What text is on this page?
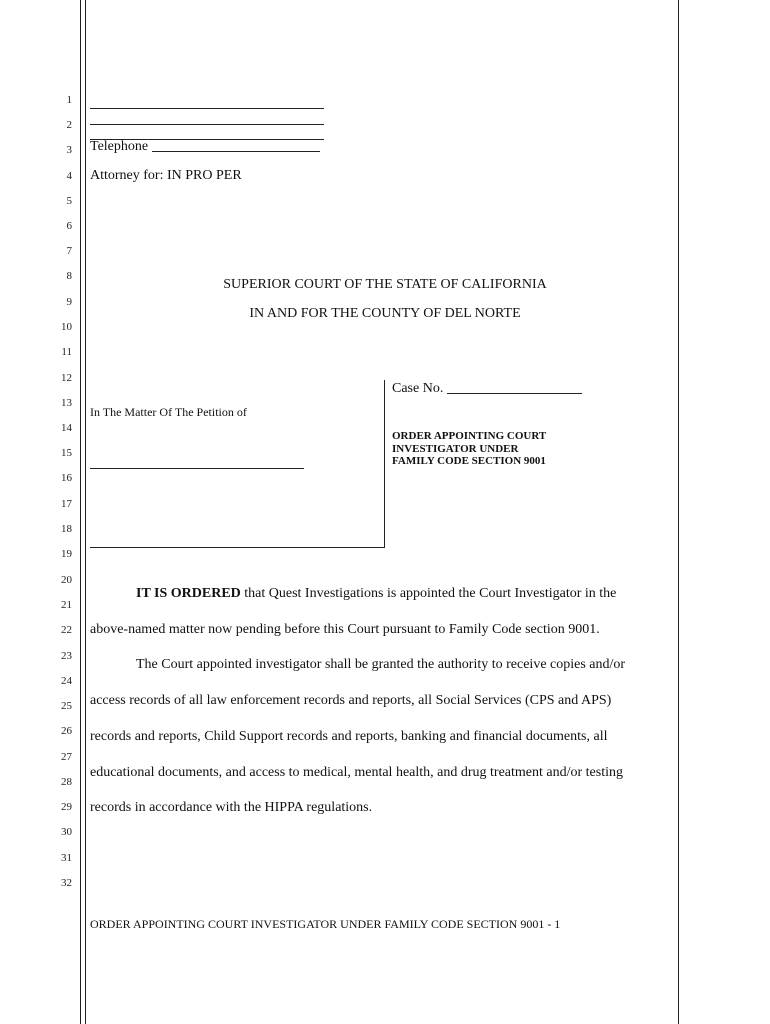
1
2
3
4
5
6
7
8
9
10
11
12
13
14
15
16
17
18
19
20
21
22
23
24
25
26
27
28
29
30
31
32
Telephone
Attorney for: IN PRO PER
SUPERIOR COURT OF THE STATE OF CALIFORNIA
IN AND FOR THE COUNTY OF DEL NORTE
In The Matter Of The Petition of
Case No.
ORDER APPOINTING COURT
INVESTIGATOR UNDER
FAMILY CODE SECTION 9001
IT IS ORDERED that Quest Investigations is appointed the Court Investigator in the
above-named matter now pending before this Court pursuant to Family Code section 9001.
The Court appointed investigator shall be granted the authority to receive copies and/or
access records of all law enforcement records and reports, all Social Services (CPS and APS)
records and reports, Child Support records and reports, banking and financial documents, all
educational documents, and access to medical, mental health, and drug treatment and/or testing
records in accordance with the HIPPA regulations.
ORDER APPOINTING COURT INVESTIGATOR UNDER FAMILY CODE SECTION 9001 - 1
